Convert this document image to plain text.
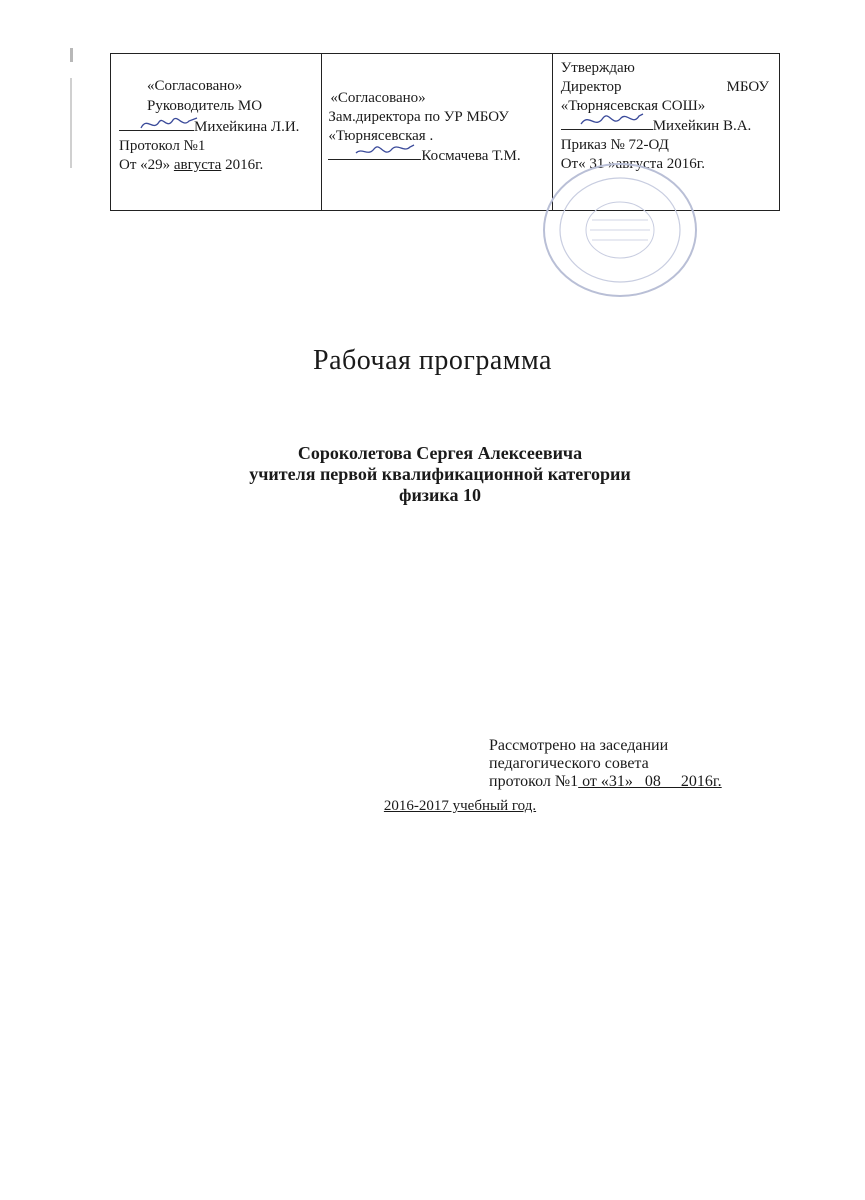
«Согласовано»
Руководитель МО
Михейкина Л.И.
Протокол №1
От «29» августа 2016г.
«Согласовано»
Зам.директора по УР МБОУ
«Тюрнясевская .
Космачева Т.М.
Утверждаю
Директор	МБОУ
«Тюрнясевская СОШ»
Михейкин В.А.
Приказ № 72-ОД
От« 31 »августа 2016г.
Рабочая программа
Сороколетова Сергея Алексеевича
учителя первой квалификационной категории
физика 10
Рассмотрено на заседании
педагогического совета
протокол №1 от «31»   08     2016г.
2016-2017 учебный год.
